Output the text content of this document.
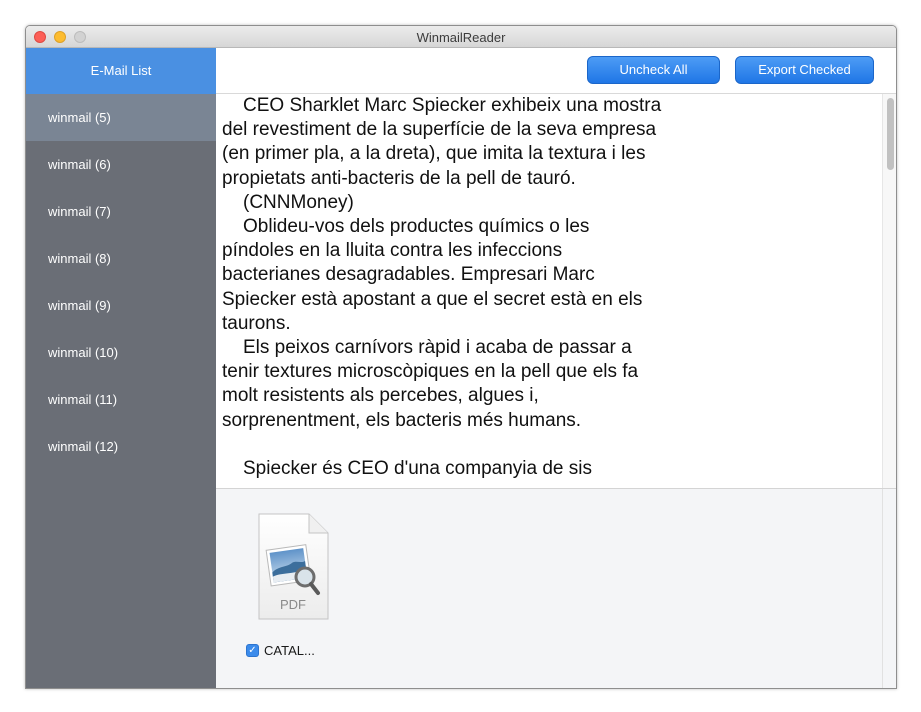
WinmailReader
E-Mail List
winmail (5)
winmail (6)
winmail (7)
winmail (8)
winmail (9)
winmail (10)
winmail (11)
winmail (12)
Uncheck All	Export Checked

CEO Sharklet Marc Spiecker exhibeix una mostra del revestiment de la superfície de la seva empresa (en primer pla, a la dreta), que imita la textura i les propietats anti-bacteris de la pell de tauró.

(CNNMoney)

Oblideu-vos dels productes químics o les píndoles en la lluita contra les infeccions bacterianes desagradables. Empresari Marc Spiecker està apostant a que el secret està en els taurons.

Els peixos carnívors ràpid i acaba de passar a tenir textures microscòpiques en la pell que els fa molt resistents als percebes, algues i, sorprenentment, els bacteris més humans.

Spiecker és CEO d'una companyia de sis

PDF
✓ CATAL...
